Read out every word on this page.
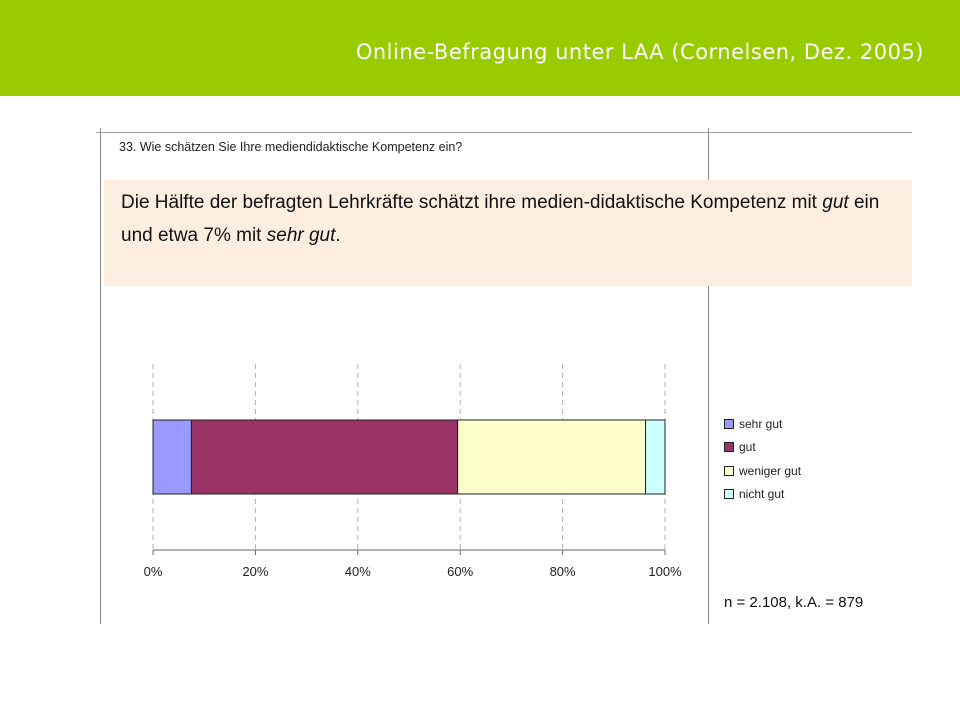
Online-Befragung unter LAA (Cornelsen, Dez. 2005)
33. Wie schätzen Sie Ihre mediendidaktische Kompetenz ein?
Die Hälfte der befragten Lehrkräfte schätzt ihre medien-didaktische Kompetenz mit gut ein und etwa 7% mit sehr gut.
0%	20%	40%	60%	80%	100%
sehr gut
gut
weniger gut
nicht gut
n = 2.108, k.A. = 879
